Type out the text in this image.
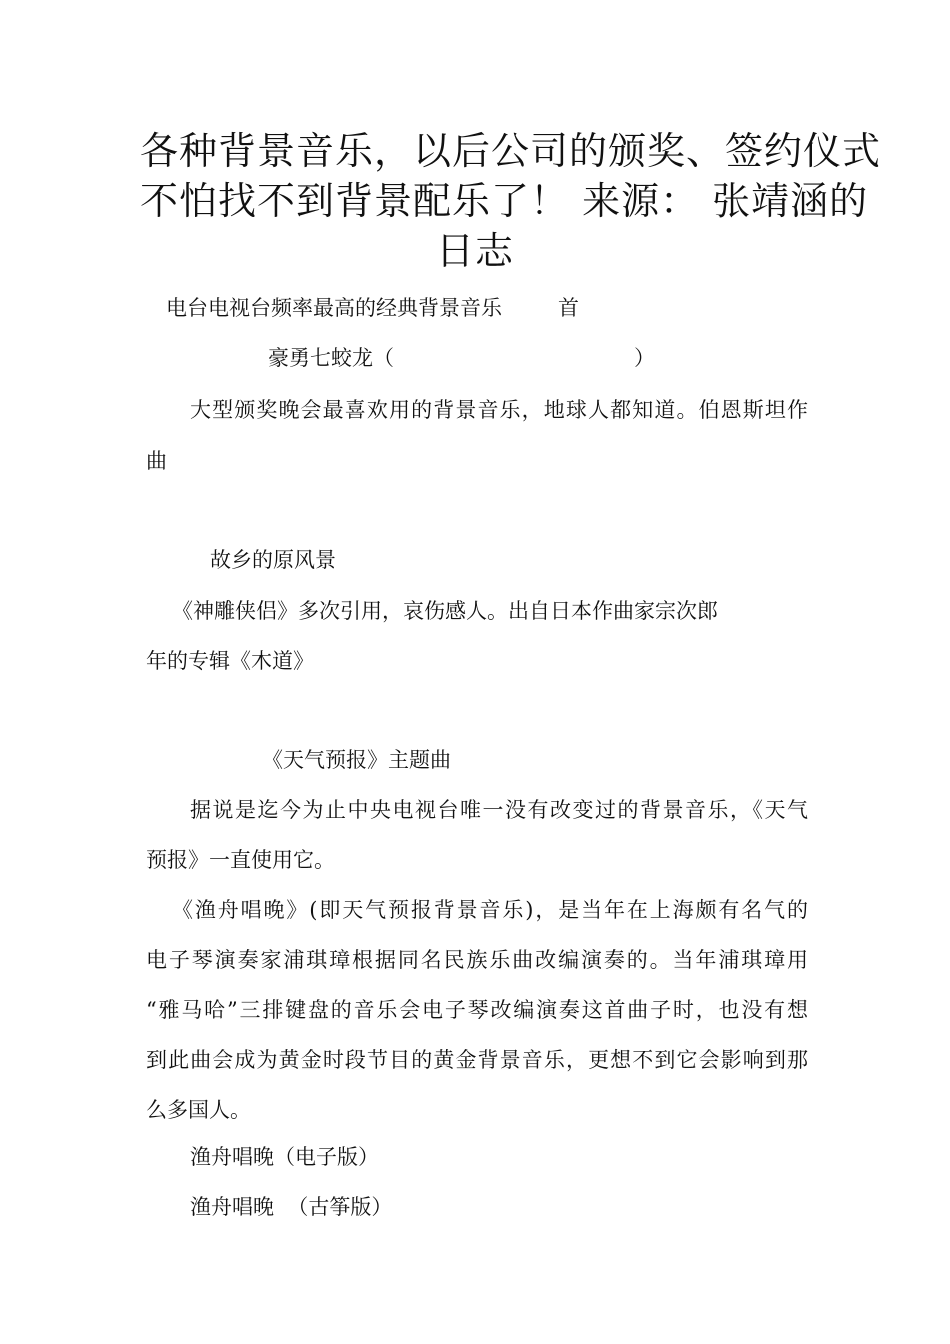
各种背景音乐，以后公司的颁奖、签约仪式
不怕找不到背景配乐了！ 来源： 张靖涵的
日志
电台电视台频率最高的经典背景音乐	首
豪勇七蛟龙（	）
大型颁奖晚会最喜欢用的背景音乐，地球人都知道。伯恩斯坦作
曲
故乡的原风景
《神雕侠侣》多次引用，哀伤感人。出自日本作曲家宗次郎
年的专辑《木道》
《天气预报》主题曲
据说是迄今为止中央电视台唯一没有改变过的背景音乐，《天气
预报》一直使用它。
《渔舟唱晚》(即天气预报背景音乐)，是当年在上海颇有名气的
电子琴演奏家浦琪璋根据同名民族乐曲改编演奏的。当年浦琪璋用
“雅马哈”三排键盘的音乐会电子琴改编演奏这首曲子时，也没有想
到此曲会成为黄金时段节目的黄金背景音乐，更想不到它会影响到那
么多国人。
渔舟唱晚（电子版）
渔舟唱晚  （古筝版）
